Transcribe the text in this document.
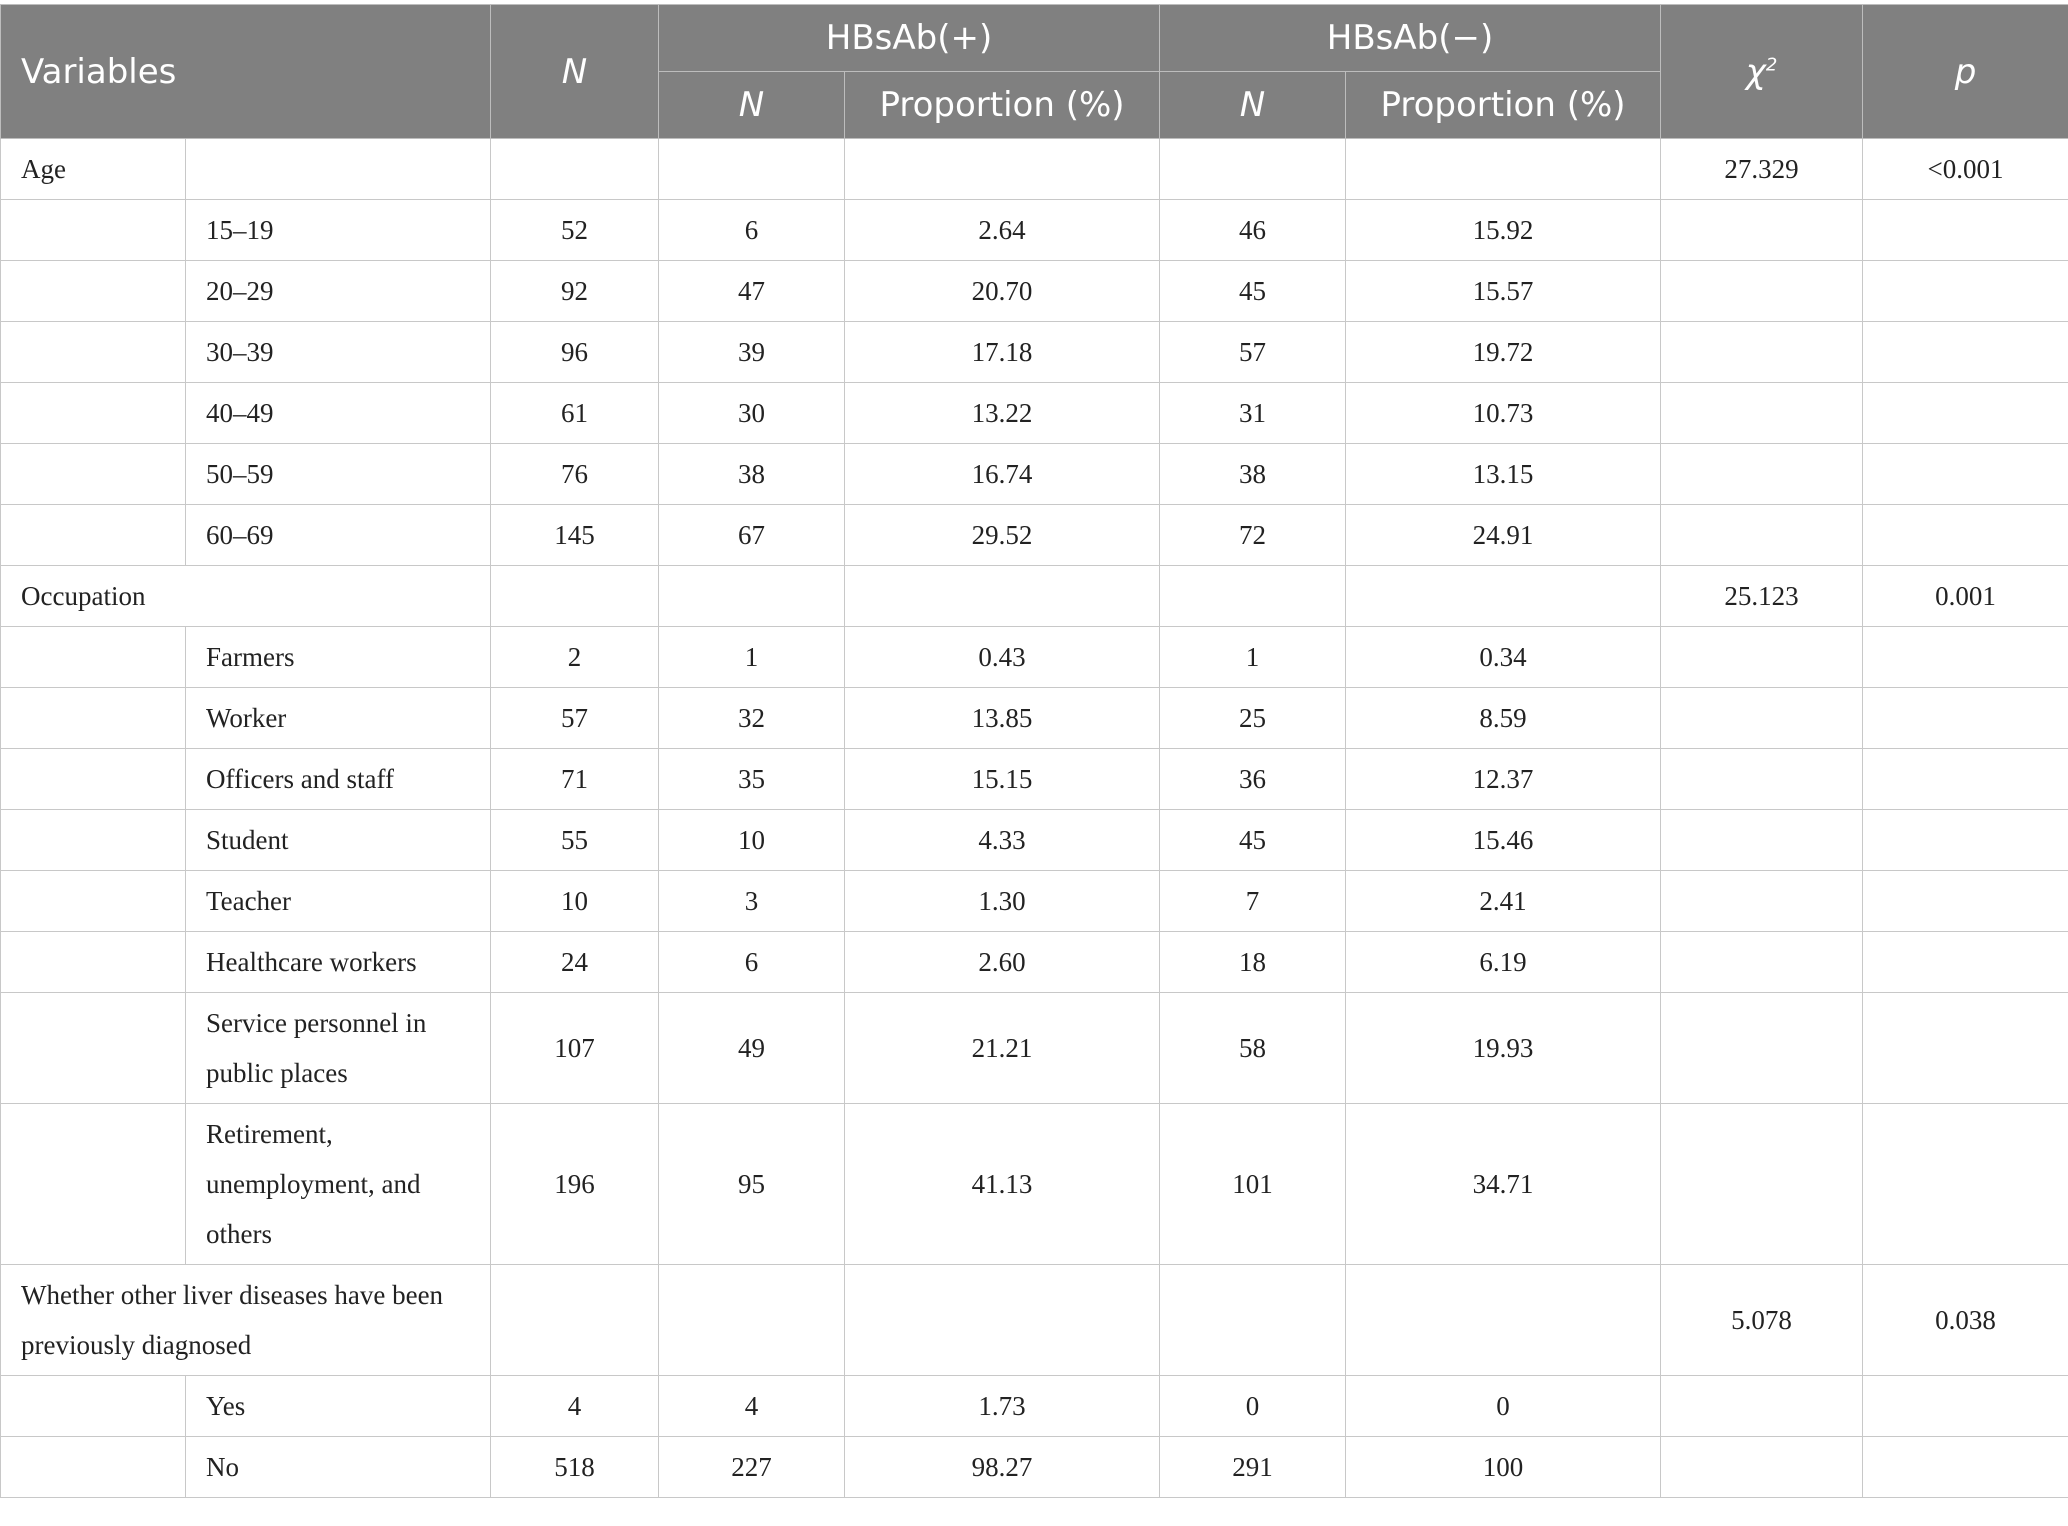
Variables		N	HBsAb(+)		HBsAb(−)		$\chi^2$	p
			N	Proportion (%)	N	Proportion (%)		
Age							27.329	<0.001
	15–19	52	6	2.64	46	15.92		
	20–29	92	47	20.70	45	15.57		
	30–39	96	39	17.18	57	19.72		
	40–49	61	30	13.22	31	10.73		
	50–59	76	38	16.74	38	13.15		
	60–69	145	67	29.52	72	24.91		
Occupation							25.123	0.001
	Farmers	2	1	0.43	1	0.34		
	Worker	57	32	13.85	25	8.59		
	Officers and staff	71	35	15.15	36	12.37		
	Student	55	10	4.33	45	15.46		
	Teacher	10	3	1.30	7	2.41		
	Healthcare workers	24	6	2.60	18	6.19		
	Service personnel in public places	107	49	21.21	58	19.93		
	Retirement, unemployment, and others	196	95	41.13	101	34.71		
Whether other liver diseases have been previously diagnosed							5.078	0.038
	Yes	4	4	1.73	0	0		
	No	518	227	98.27	291	100		
